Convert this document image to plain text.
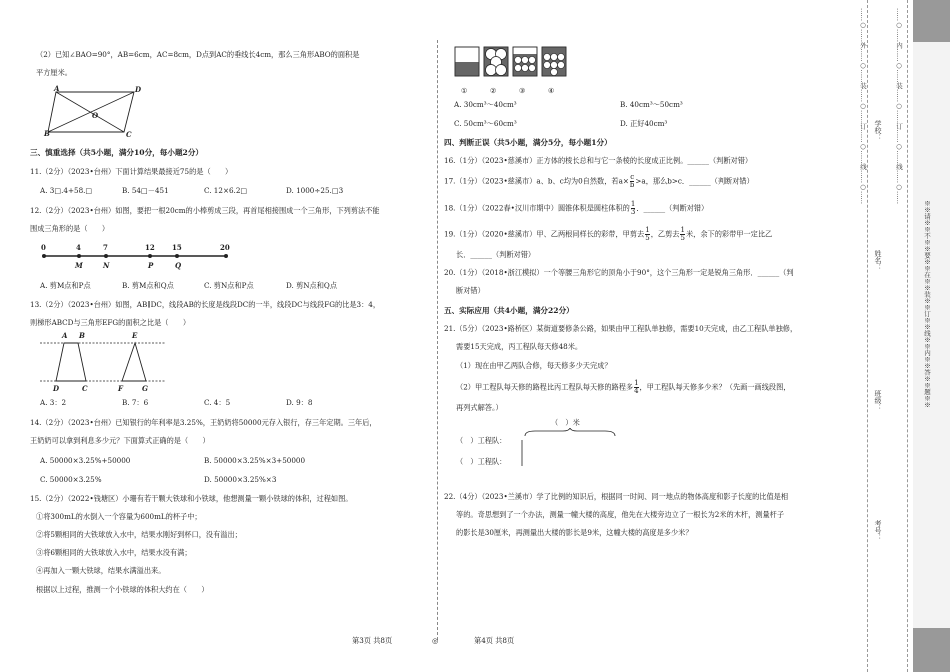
（2）已知∠BAO=90°，AB=6cm，AC=8cm，D点到AC的垂线长4cm，那么三角形ABO的面积是
平方厘米。
A	D
O
B	C
三、慎重选择（共5小题，满分10分，每小题2分）
11.（2分）（2023•台州）下面计算结果最接近75的是（　　）
A. 3□.4+58.□	B. 54□－451	C. 12×6.2□	D. 1000÷25.□3
12.（2分）（2023•台州）如图，要把一根20cm的小棒剪成三段，再首尾相接围成一个三角形，下列剪法不能
围成三角形的是（　　）
0	4	7	12 15	20
M	N	P	Q
A. 剪M点和P点	B. 剪M点和Q点	C. 剪N点和P点	D. 剪N点和Q点
13.（2分）（2023•台州）如图，AB∥DC，线段AB的长度是线段DC的一半，线段DC与线段FG的比是3：4，
则梯形ABCD与三角形EFG的面积之比是（　　）
A B	E
D	C	F	G
A. 3：2	B. 7：6	C. 4：5	D. 9：8
14.（2分）（2023•台州）已知银行的年利率是3.25%，王奶奶将50000元存入银行，存三年定期。三年后，
王奶奶可以拿到利息多少元？下面算式正确的是（　　）
A. 50000×3.25%+50000	B. 50000×3.25%×3+50000
C. 50000×3.25%	D. 50000×3.25%×3
15.（2分）（2022•钱塘区）小珊有若干颗大铁球和小铁球，他想测量一颗小铁球的体积，过程如图。
①将300mL的水倒入一个容量为600mL的杯子中；
②将5颗相同的大铁球放入水中，结果水刚好到杯口，没有溢出；
③将6颗相同的大铁球放入水中，结果水没有满；
④再加入一颗大铁球，结果水满溢出来。
根据以上过程，推测一个小铁球的体积大约在（　　）
①	②	③	④
A. 30cm³～40cm³	B. 40cm³～50cm³
C. 50cm³～60cm³	D. 正好40cm³
四、判断正误（共5小题，满分5分，每小题1分）
16.（1分）（2023•慈溪市）正方体的棱长总和与它一条棱的长度成正比例。______（判断对错）
17.（1分）（2023•慈溪市）a、b、c均为0自然数，若$a\times \frac{c}{b} >a$，那么b>c．______（判断对错）
18.（1分）（2022春•汉川市期中）圆锥体积是圆柱体积的 $\frac{1}{3}$ ．______（判断对错）
19.（1分）（2020•慈溪市）甲、乙两根同样长的彩带，甲剪去 $\frac{1}{5}$ ，乙剪去 $\frac{1}{5}$ 米，余下的彩带甲一定比乙
长．______（判断对错）
20.（1分）（2018•浙江模拟）一个等腰三角形它的顶角小于90°，这个三角形一定是锐角三角形．______（判
断对错）
五、实际应用（共4小题，满分22分）
21.（5分）（2023•路桥区）某街道要修条公路，如果由甲工程队单独修，需要10天完成，由乙工程队单独修，
需要15天完成，丙工程队每天修48米。
（1）现在由甲乙两队合修，每天修多少天完成？
（2）甲工程队每天修的路程比丙工程队每天修的路程多 $\frac{1}{4}$ ，甲工程队每天修多少米？（先画一画线段图，
再列式解答。）
（　）米
（　）工程队：
（　）工程队：
22.（4分）（2023•兰溪市）学了比例的知识后，根据同一时间、同一地点的物体高度和影子长度的比值是相
等的。奇思想到了一个办法，测量一幢大楼的高度，他先在大楼旁边立了一根长为2米的木杆，测量杆子
的影长是30厘米，再测量出大楼的影长是9米，这幢大楼的高度是多少米？
第3页 共8页	◎	第4页 共8页
……○……外……○……装……○……订……○……线……○…… 学校：
姓名：
班级：
考号：
……○……内……○……装……○……订……○……线……○……
※※请※※不※※要※※在※※装※※订※※线※※内※※答※※题※※
